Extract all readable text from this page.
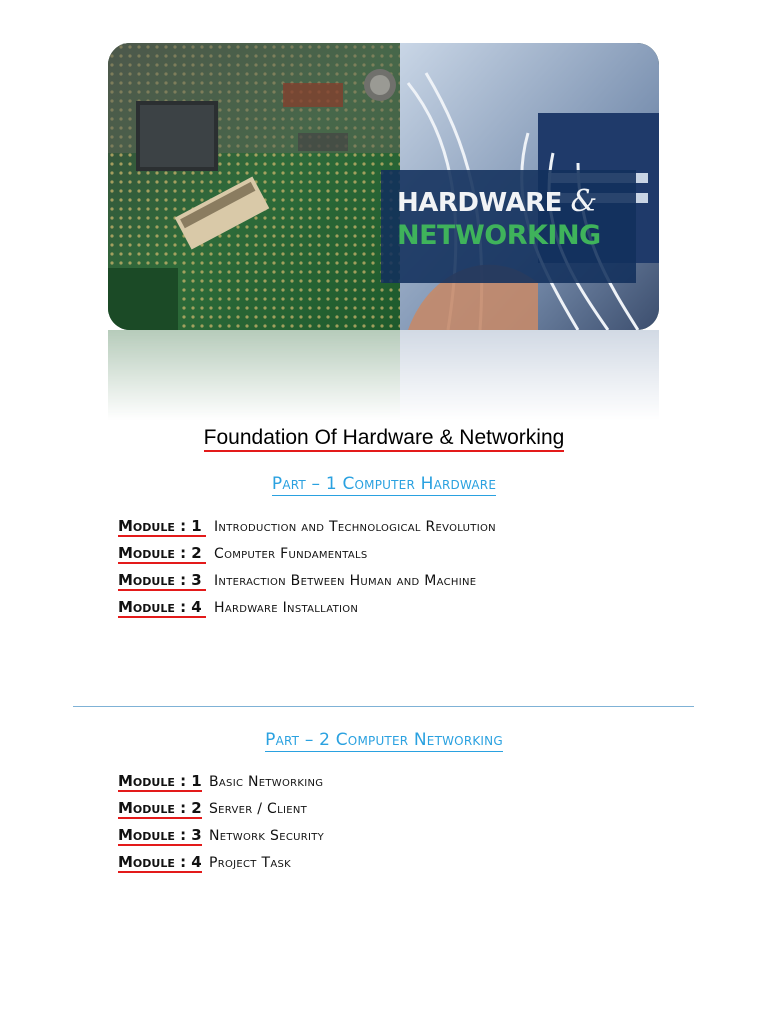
HARDWARE &
NETWORKING
Foundation Of Hardware & Networking
Part – 1 Computer Hardware
Module : 1 Introduction and Technological Revolution
Module : 2 Computer Fundamentals
Module : 3 Interaction Between Human and Machine
Module : 4 Hardware Installation
Part – 2 Computer Networking
Module : 1 Basic Networking
Module : 2 Server / Client
Module : 3 Network Security
Module : 4 Project Task
